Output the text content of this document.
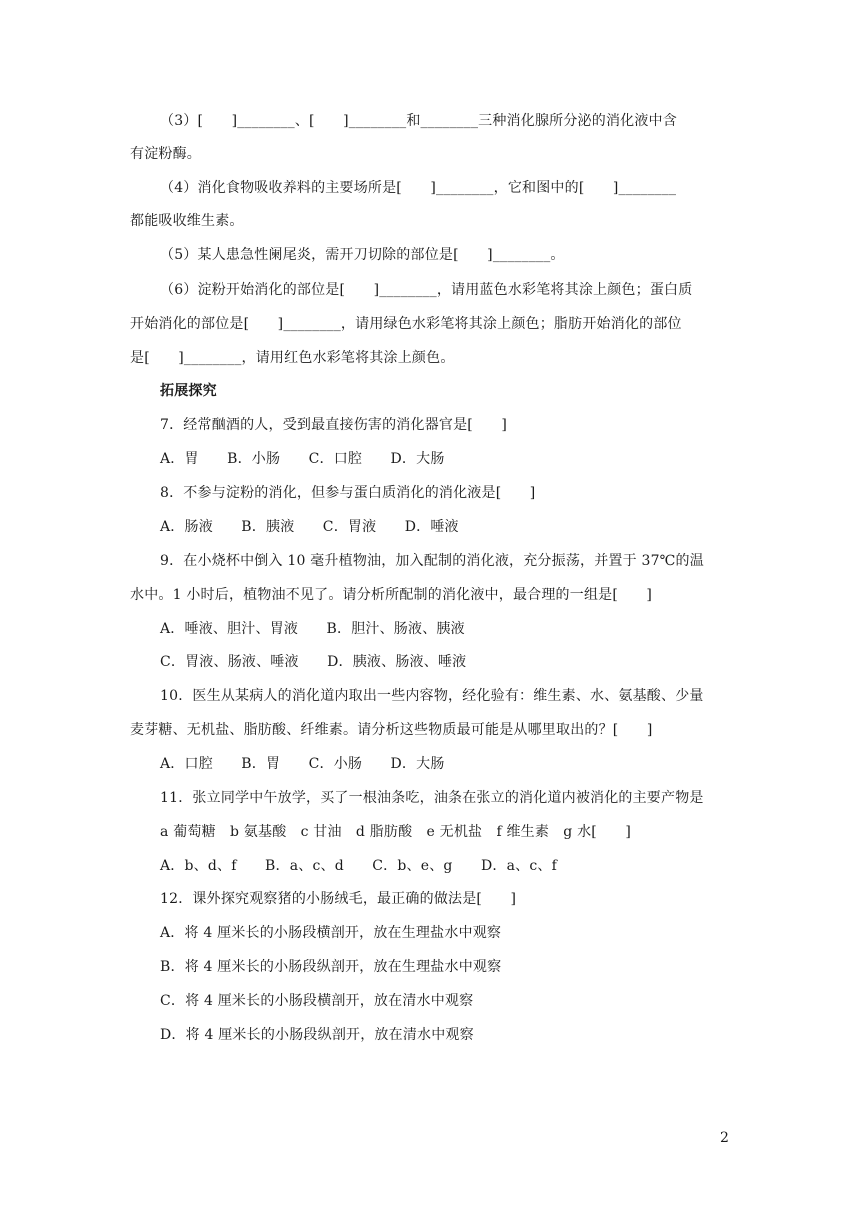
（3）[　　]________、[　　]________和________三种消化腺所分泌的消化液中含
有淀粉酶。
（4）消化食物吸收养料的主要场所是[　　]________，它和图中的[　　]________
都能吸收维生素。
（5）某人患急性阑尾炎，需开刀切除的部位是[　　]________。
（6）淀粉开始消化的部位是[　　]________，请用蓝色水彩笔将其涂上颜色；蛋白质
开始消化的部位是[　　]________，请用绿色水彩笔将其涂上颜色；脂肪开始消化的部位
是[　　]________，请用红色水彩笔将其涂上颜色。
拓展探究
7．经常酗酒的人，受到最直接伤害的消化器官是[　　]
A．胃　　B．小肠　　C．口腔　　D．大肠
8．不参与淀粉的消化，但参与蛋白质消化的消化液是[　　]
A．肠液　　B．胰液　　C．胃液　　D．唾液
9．在小烧杯中倒入 10 毫升植物油，加入配制的消化液，充分振荡，并置于 37℃的温
水中。1 小时后，植物油不见了。请分析所配制的消化液中，最合理的一组是[　　]
A．唾液、胆汁、胃液　　B．胆汁、肠液、胰液
C．胃液、肠液、唾液　　D．胰液、肠液、唾液
10．医生从某病人的消化道内取出一些内容物，经化验有：维生素、水、氨基酸、少量
麦芽糖、无机盐、脂肪酸、纤维素。请分析这些物质最可能是从哪里取出的？[　　]
A．口腔　　B．胃　　C．小肠　　D．大肠
11．张立同学中午放学，买了一根油条吃，油条在张立的消化道内被消化的主要产物是
a 葡萄糖　b 氨基酸　c 甘油　d 脂肪酸　e 无机盐　f 维生素　g 水[　　]
A．b、d、f　　B．a、c、d　　C．b、e、g　　D．a、c、f
12．课外探究观察猪的小肠绒毛，最正确的做法是[　　]
A．将 4 厘米长的小肠段横剖开，放在生理盐水中观察
B．将 4 厘米长的小肠段纵剖开，放在生理盐水中观察
C．将 4 厘米长的小肠段横剖开，放在清水中观察
D．将 4 厘米长的小肠段纵剖开，放在清水中观察
2
